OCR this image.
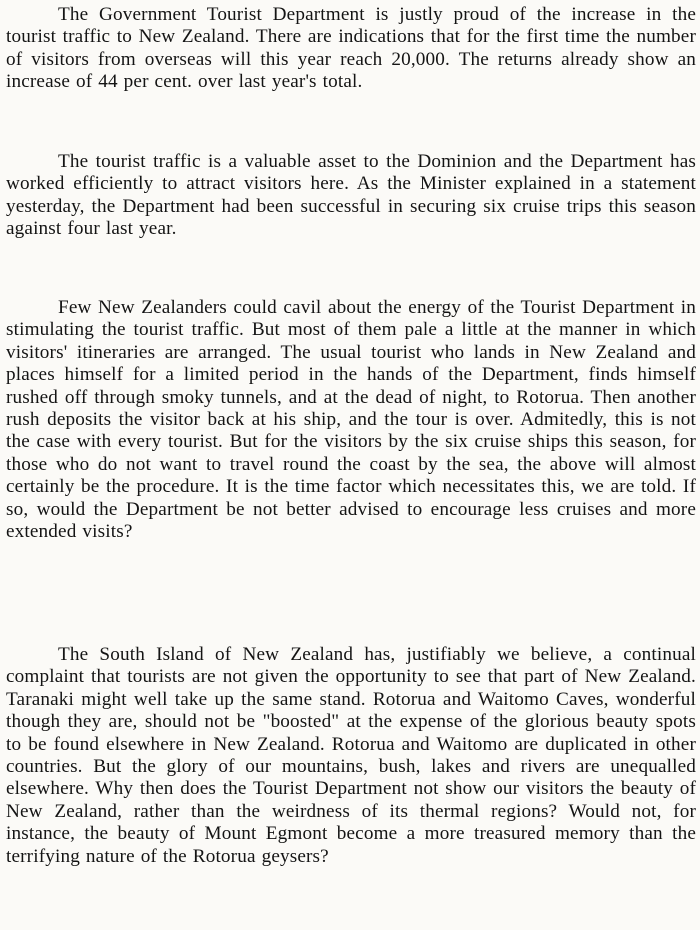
The Government Tourist Department is justly proud of the increase in the tourist traffic to New Zealand. There are indications that for the first time the number of visitors from overseas will this year reach 20,000. The returns already show an increase of 44 per cent. over last year's total.

The tourist traffic is a valuable asset to the Dominion and the Department has worked efficiently to attract visitors here. As the Minister explained in a statement yesterday, the Department had been successful in securing six cruise trips this season against four last year.

Few New Zealanders could cavil about the energy of the Tourist Department in stimulating the tourist traffic. But most of them pale a little at the manner in which visitors' itineraries are arranged. The usual tourist who lands in New Zealand and places himself for a limited period in the hands of the Department, finds himself rushed off through smoky tunnels, and at the dead of night, to Rotorua. Then another rush deposits the visitor back at his ship, and the tour is over. Admitedly, this is not the case with every tourist. But for the visitors by the six cruise ships this season, for those who do not want to travel round the coast by the sea, the above will almost certainly be the procedure. It is the time factor which necessitates this, we are told. If so, would the Department be not better advised to encourage less cruises and more extended visits?

The South Island of New Zealand has, justifiably we believe, a continual complaint that tourists are not given the opportunity to see that part of New Zealand. Taranaki might well take up the same stand. Rotorua and Waitomo Caves, wonderful though they are, should not be "boosted" at the expense of the glorious beauty spots to be found elsewhere in New Zealand. Rotorua and Waitomo are duplicated in other countries. But the glory of our mountains, bush, lakes and rivers are unequalled elsewhere. Why then does the Tourist Department not show our visitors the beauty of New Zealand, rather than the weirdness of its thermal regions? Would not, for instance, the beauty of Mount Egmont become a more treasured memory than the terrifying nature of the Rotorua geysers?
